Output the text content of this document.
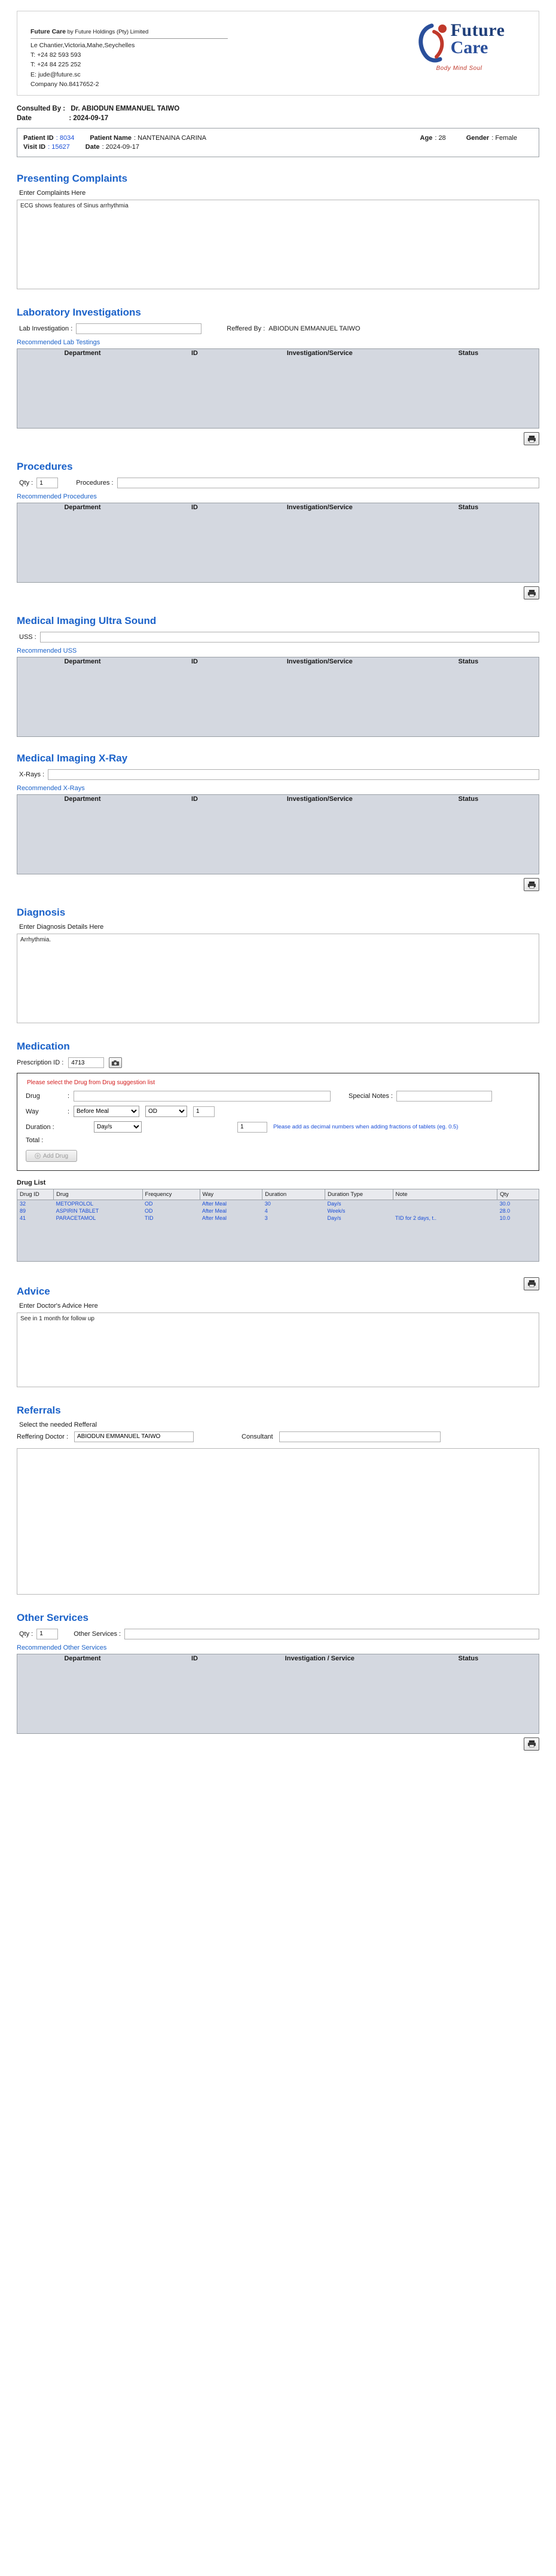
Future Care by Future Holdings (Pty) Limited
Le Chantier,Victoria,Mahe,Seychelles
T: +24 82 593 593
T: +24 84 225 252
E: jude@future.sc
Company No.8417652-2
Future
Care
Body Mind Soul
Consulted By : Dr. ABIODUN EMMANUEL TAIWO
Date	: 2024-09-17
Patient ID : 8034 Patient Name : NANTENAINA CARINA	Age : 28	Gender : Female
Visit ID : 15627 Date : 2024-09-17
Presenting Complaints
Enter Complaints Here
ECG shows features of Sinus arrhythmia
Laboratory Investigations
Lab Investigation :	Reffered By : ABIODUN EMMANUEL TAIWO
Recommended Lab Testings
Department	ID	Investigation/Service	Status

Procedures
Qty :
1	Procedures :
Recommended Procedures
Department	ID	Investigation/Service	Status

Medical Imaging Ultra Sound
USS :
Recommended USS
Department	ID	Investigation/Service	Status

Medical Imaging X-Ray
X-Rays :
Recommended X-Rays
Department	ID	Investigation/Service	Status

Diagnosis
Enter Diagnosis Details Here
Arrhythmia.
Medication
Prescription ID :
4713
Please select the Drug from Drug suggestion list
Drug	:	Special Notes :
Way	:
Before Meal
OD
1
Duration :
Day/s
1	Please add as decimal numbers when adding fractions of tablets (eg. 0.5)
Total :
Add Drug
Drug List
Drug ID	Drug	Frequency	Way	Duration	Duration Type	Note	Qty
32	METOPROLOL	OD	After Meal	30	Day/s		30.0
89	ASPIRIN TABLET	OD	After Meal	4	Week/s		28.0
41	PARACETAMOL	TID	After Meal	3	Day/s	TID for 2 days, t..	10.0

Advice
Enter Doctor's Advice Here
See in 1 month for follow up
Referrals
Select the needed Refferal
Reffering Doctor :
ABIODUN EMMANUEL TAIWO	Consultant
Other Services
Qty :
1	Other Services :
Recommended Other Services
Department	ID	Investigation / Service	Status
